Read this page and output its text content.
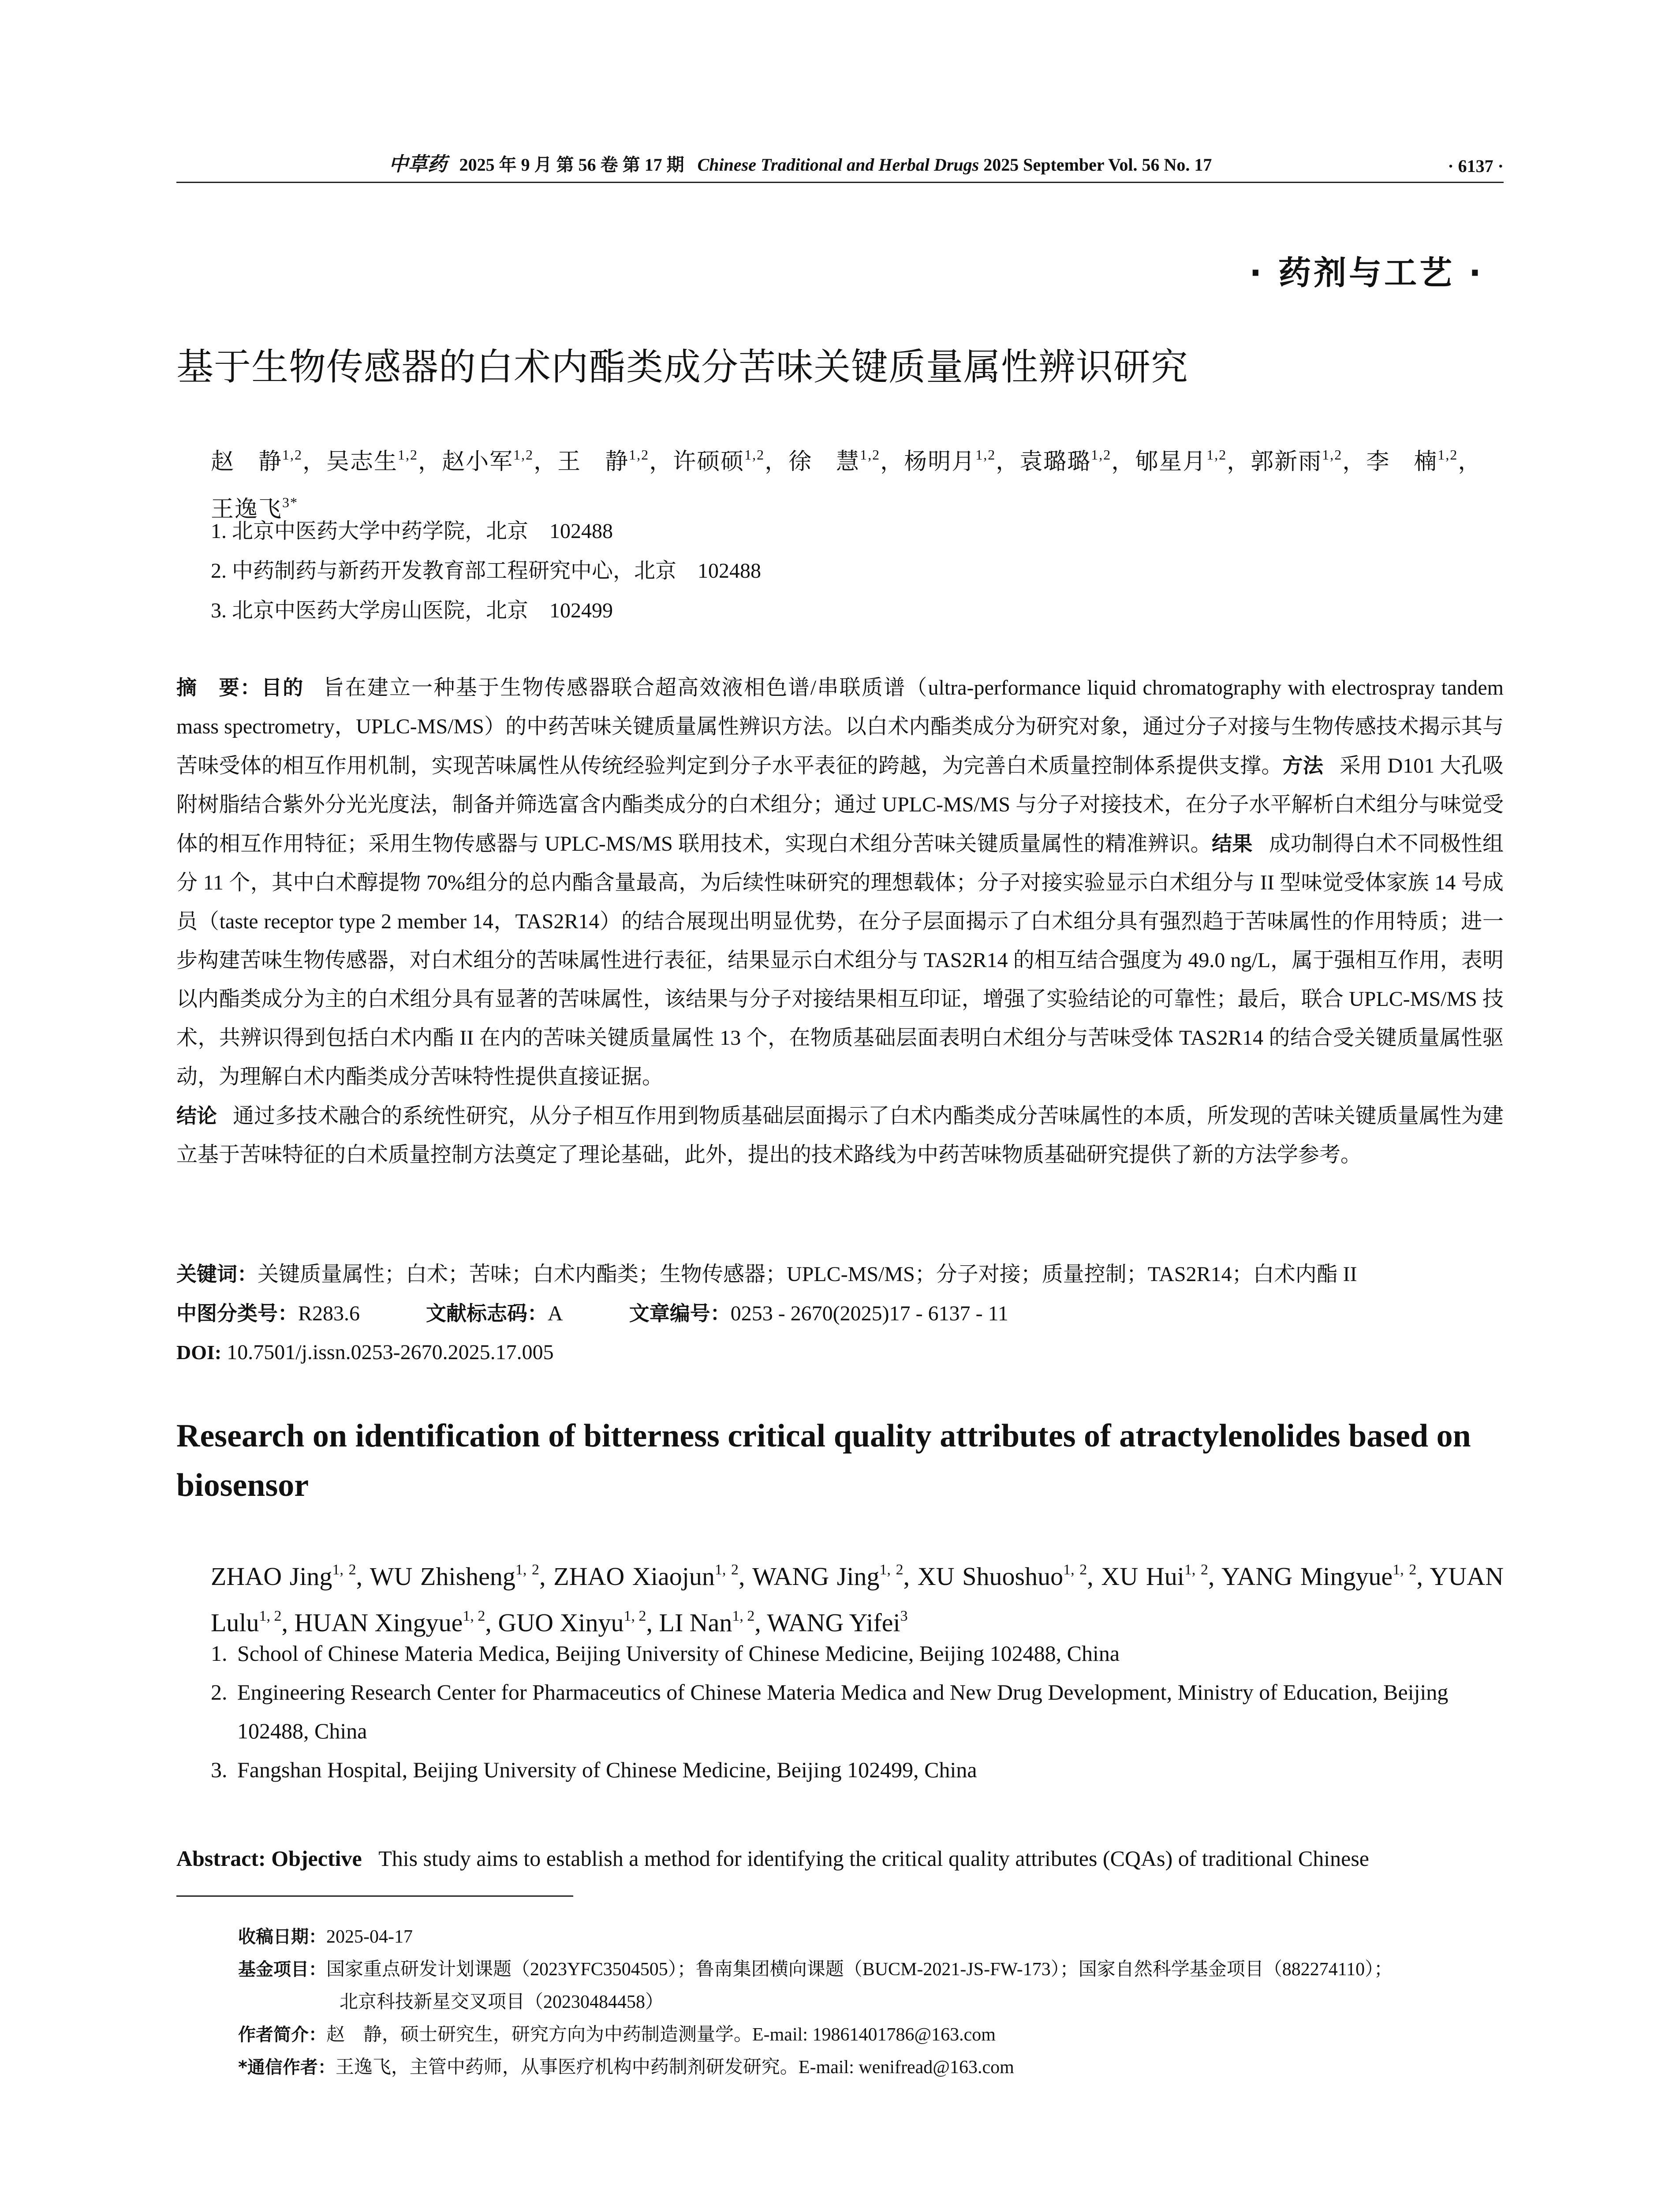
中草药 2025 年 9 月 第 56 卷 第 17 期 Chinese Traditional and Herbal Drugs 2025 September Vol. 56 No. 17	· 6137 ·
· 药剂与工艺 ·
基于生物传感器的白术内酯类成分苦味关键质量属性辨识研究
赵　静$^{1,2}$，吴志生$^{1,2}$，赵小军$^{1,2}$，王　静$^{1,2}$，许硕硕$^{1,2}$，徐　慧$^{1,2}$，杨明月$^{1,2}$，袁璐璐$^{1,2}$，郇星月$^{1,2}$，郭新雨$^{1,2}$，李　楠$^{1,2}$，王逸飞$^{3*}$
1. 北京中医药大学中药学院，北京　102488
2. 中药制药与新药开发教育部工程研究中心，北京　102488
3. 北京中医药大学房山医院，北京　102499
摘　要：目的 旨在建立一种基于生物传感器联合超高效液相色谱/串联质谱（ultra-performance liquid chromatography with electrospray tandem mass spectrometry，UPLC-MS/MS）的中药苦味关键质量属性辨识方法。以白术内酯类成分为研究对象，通过分子对接与生物传感技术揭示其与苦味受体的相互作用机制，实现苦味属性从传统经验判定到分子水平表征的跨越，为完善白术质量控制体系提供支撑。方法 采用 D101 大孔吸附树脂结合紫外分光光度法，制备并筛选富含内酯类成分的白术组分；通过 UPLC-MS/MS 与分子对接技术，在分子水平解析白术组分与味觉受体的相互作用特征；采用生物传感器与 UPLC-MS/MS 联用技术，实现白术组分苦味关键质量属性的精准辨识。结果 成功制得白术不同极性组分 11 个，其中白术醇提物 70%组分的总内酯含量最高，为后续性味研究的理想载体；分子对接实验显示白术组分与 II 型味觉受体家族 14 号成员（taste receptor type 2 member 14，TAS2R14）的结合展现出明显优势，在分子层面揭示了白术组分具有强烈趋于苦味属性的作用特质；进一步构建苦味生物传感器，对白术组分的苦味属性进行表征，结果显示白术组分与 TAS2R14 的相互结合强度为 49.0 ng/L，属于强相互作用，表明以内酯类成分为主的白术组分具有显著的苦味属性，该结果与分子对接结果相互印证，增强了实验结论的可靠性；最后，联合 UPLC-MS/MS 技术，共辨识得到包括白术内酯 II 在内的苦味关键质量属性 13 个，在物质基础层面表明白术组分与苦味受体 TAS2R14 的结合受关键质量属性驱动，为理解白术内酯类成分苦味特性提供直接证据。
结论 通过多技术融合的系统性研究，从分子相互作用到物质基础层面揭示了白术内酯类成分苦味属性的本质，所发现的苦味关键质量属性为建立基于苦味特征的白术质量控制方法奠定了理论基础，此外，提出的技术路线为中药苦味物质基础研究提供了新的方法学参考。
关键词：关键质量属性；白术；苦味；白术内酯类；生物传感器；UPLC-MS/MS；分子对接；质量控制；TAS2R14；白术内酯 II
中图分类号：R283.6	文献标志码：A	文章编号：0253 - 2670(2025)17 - 6137 - 11
DOI: 10.7501/j.issn.0253-2670.2025.17.005
Research on identification of bitterness critical quality attributes of atractylenolides based on biosensor
ZHAO Jing$^{1, 2}$, WU Zhisheng$^{1, 2}$, ZHAO Xiaojun$^{1, 2}$, WANG Jing$^{1, 2}$, XU Shuoshuo$^{1, 2}$, XU Hui$^{1, 2}$, YANG Mingyue$^{1, 2}$, YUAN Lulu$^{1, 2}$, HUAN Xingyue$^{1, 2}$, GUO Xinyu$^{1, 2}$, LI Nan$^{1, 2}$, WANG Yifei$^3$
1. School of Chinese Materia Medica, Beijing University of Chinese Medicine, Beijing 102488, China
2. Engineering Research Center for Pharmaceutics of Chinese Materia Medica and New Drug Development, Ministry of Education, Beijing 102488, China
3. Fangshan Hospital, Beijing University of Chinese Medicine, Beijing 102499, China
Abstract: Objective This study aims to establish a method for identifying the critical quality attributes (CQAs) of traditional Chinese
收稿日期：2025-04-17
基金项目：国家重点研发计划课题（2023YFC3504505）；鲁南集团横向课题（BUCM-2021-JS-FW-173）；国家自然科学基金项目（882274110）；
北京科技新星交叉项目（20230484458）
作者简介：赵　静，硕士研究生，研究方向为中药制造测量学。E-mail: 19861401786@163.com
*通信作者：王逸飞，主管中药师，从事医疗机构中药制剂研发研究。E-mail: wenifread@163.com
